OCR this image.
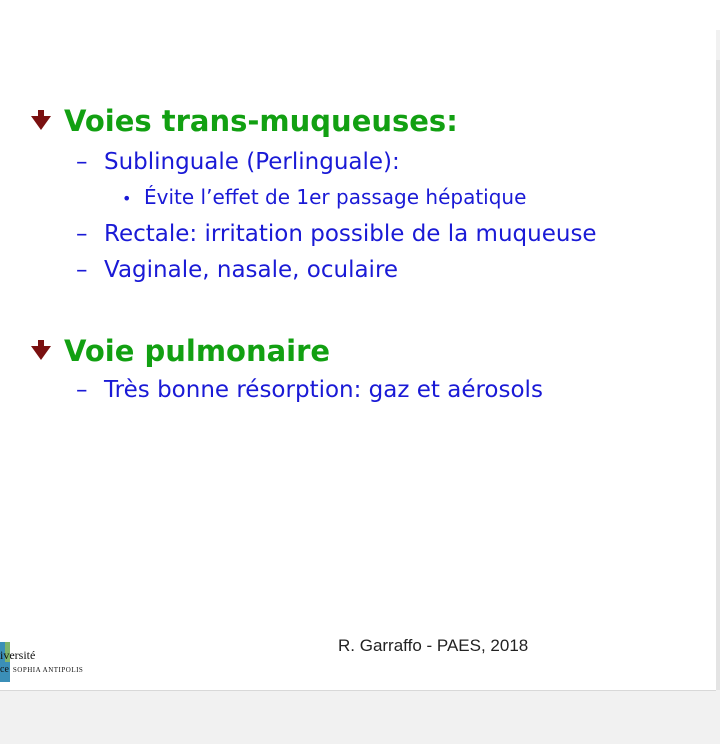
Voies trans-muqueuses:
– Sublinguale (Perlinguale):
• Évite l’effet de 1er passage hépatique
– Rectale: irritation possible de la muqueuse
– Vaginale, nasale, oculaire
Voie pulmonaire
– Très bonne résorption: gaz et aérosols
R. Garraffo - PAES, 2018
iversité
ce SOPHIA ANTIPOLIS
